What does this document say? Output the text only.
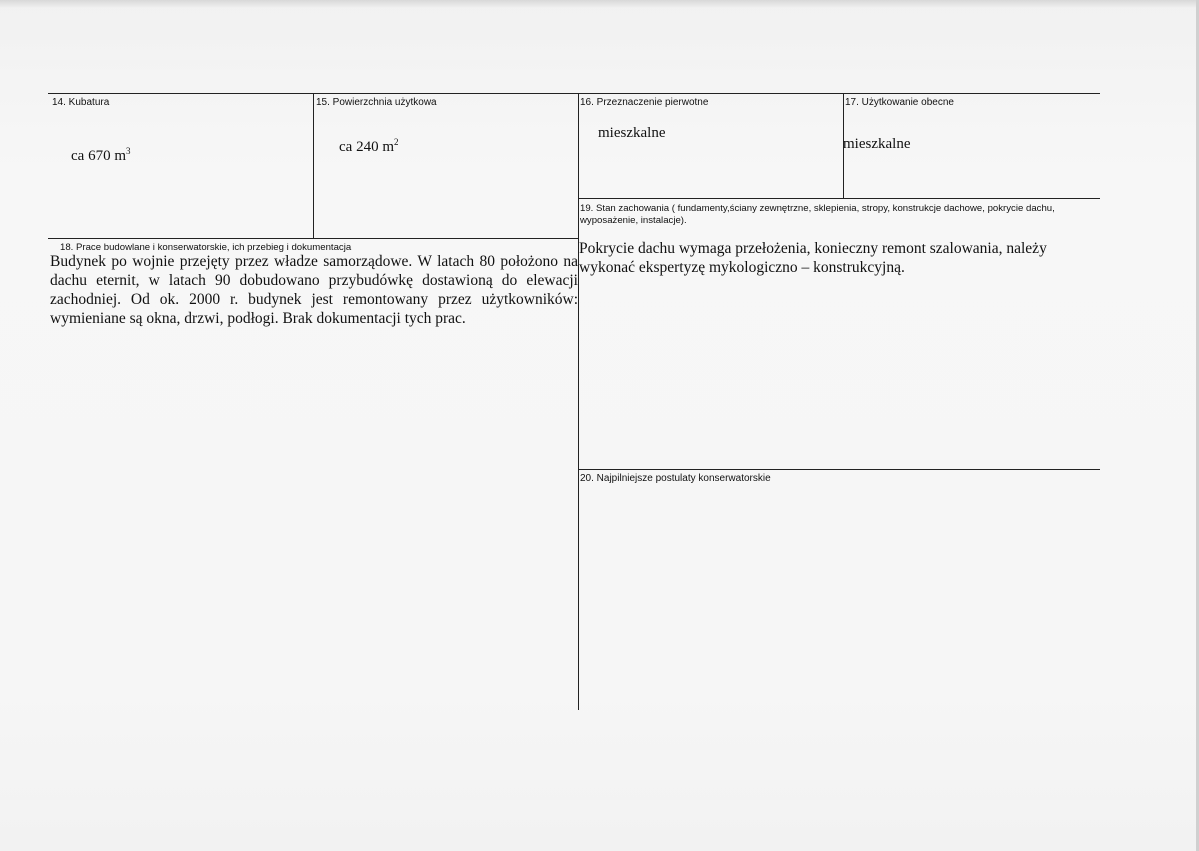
14. Kubatura
ca 670 $m^3$
15. Powierzchnia użytkowa
ca 240 $m^2$
16. Przeznaczenie pierwotne
mieszkalne
17. Użytkowanie obecne
mieszkalne
19. Stan zachowania ( fundamenty,ściany zewnętrzne, sklepienia, stropy, konstrukcje dachowe, pokrycie dachu,
wyposażenie, instalacje).
Pokrycie dachu wymaga przełożenia, konieczny remont szalowania, należy wykonać ekspertyzę mykologiczno – konstrukcyjną.
18. Prace budowlane i konserwatorskie, ich przebieg i dokumentacja
Budynek po wojnie przejęty przez władze samorządowe. W latach 80 położono na dachu eternit, w latach 90 dobudowano przybudówkę dostawioną do elewacji zachodniej. Od ok. 2000 r. budynek jest remontowany przez użytkowników: wymieniane są okna, drzwi, podłogi. Brak dokumentacji tych prac.
20. Najpilniejsze postulaty konserwatorskie
